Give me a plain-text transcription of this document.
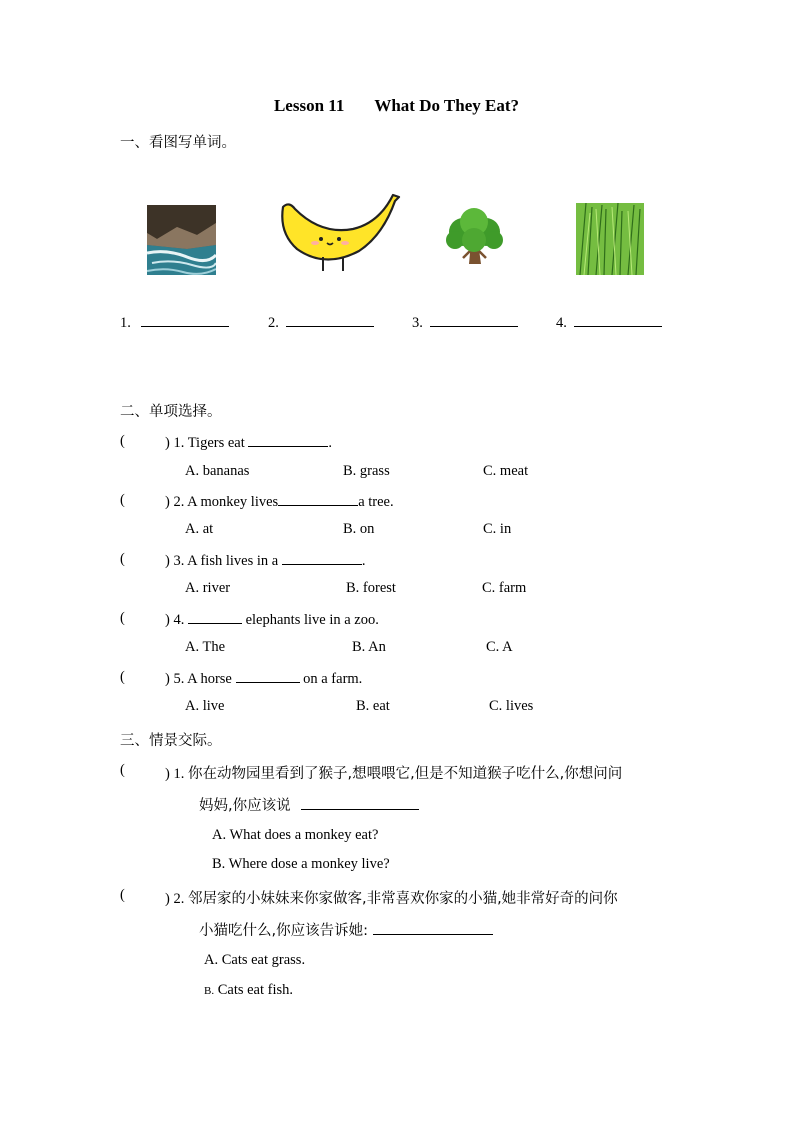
Lesson 11 What Do They Eat?
一、看图写单词。
1.	2.	3.	4.
二、单项选择。
(	) 1. Tigers eat	.
A. bananas	B. grass	C. meat
(	) 2. A monkey lives	a tree.
A. at	B. on	C. in
(	) 3. A fish lives in a	.
A. river	B. forest	C. farm
(	) 4.	elephants live in a zoo.
A. The	B. An	C. A
(	) 5. A horse	on a farm.
A. live	B. eat	C. lives
三、情景交际。
(	) 1. 你在动物园里看到了猴子,想喂喂它,但是不知道猴子吃什么,你想问问
妈妈,你应该说
A. What does a monkey eat?
B. Where dose a monkey live?
(	) 2. 邻居家的小妹妹来你家做客,非常喜欢你家的小猫,她非常好奇的问你
小猫吃什么,你应该告诉她:
A. Cats eat grass.
B. Cats eat fish.
